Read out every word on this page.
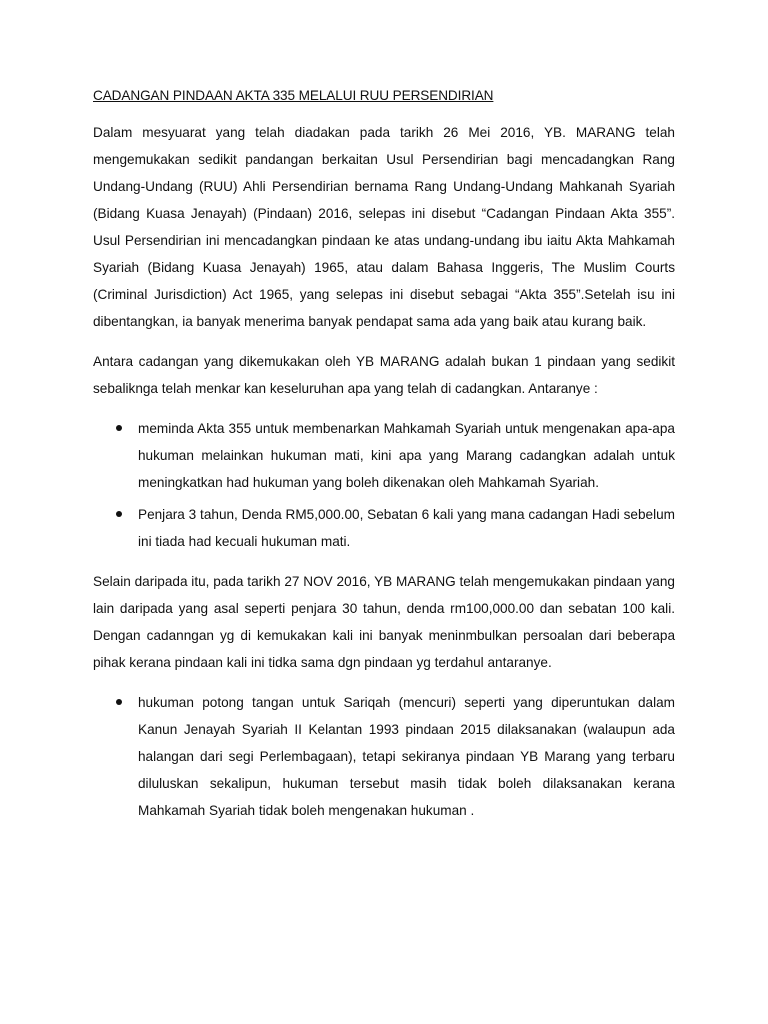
CADANGAN PINDAAN AKTA 335 MELALUI RUU PERSENDIRIAN

Dalam mesyuarat yang telah diadakan pada tarikh 26 Mei 2016, YB. MARANG telah mengemukakan sedikit pandangan berkaitan Usul Persendirian bagi mencadangkan Rang Undang-Undang (RUU) Ahli Persendirian bernama Rang Undang-Undang Mahkanah Syariah (Bidang Kuasa Jenayah) (Pindaan) 2016, selepas ini disebut “Cadangan Pindaan Akta 355”. Usul Persendirian ini mencadangkan pindaan ke atas undang-undang ibu iaitu Akta Mahkamah Syariah (Bidang Kuasa Jenayah) 1965, atau dalam Bahasa Inggeris, The Muslim Courts (Criminal Jurisdiction) Act 1965, yang selepas ini disebut sebagai “Akta 355”.Setelah isu ini dibentangkan, ia banyak menerima banyak pendapat sama ada yang baik atau kurang baik.

Antara cadangan yang dikemukakan oleh YB MARANG adalah bukan 1 pindaan yang sedikit sebalikngа telah menkar kan keseluruhan apa yang telah di cadangkan. Antaranye :

meminda Akta 355 untuk membenarkan Mahkamah Syariah untuk mengenakan apa-apa hukuman melainkan hukuman mati, kini apa yang Marang cadangkan adalah untuk meningkatkan had hukuman yang boleh dikenakan oleh Mahkamah Syariah.
Penjara 3 tahun, Denda RM5,000.00, Sebatan 6 kali yang mana cadangan Hadi sebelum ini tiada had kecuali hukuman mati.

Selain daripada itu, pada tarikh 27 NOV 2016, YB MARANG telah mengemukakan pindaan yang lain daripada yang asal seperti penjara 30 tahun, denda rm100,000.00 dan sebatan 100 kali. Dengan cadanngan yg di kemukakan kali ini banyak meninmbulkan persoalan dari beberapa pihak kerana pindaan kali ini tidka sama dgn pindaan yg terdahul antaranye.

hukuman potong tangan untuk Sariqah (mencuri) seperti yang diperuntukan dalam Kanun Jenayah Syariah II Kelantan 1993 pindaan 2015 dilaksanakan (walaupun ada halangan dari segi Perlembagaan), tetapi sekiranya pindaan YB Marang yang terbaru diluluskan sekalipun, hukuman tersebut masih tidak boleh dilaksanakan kerana Mahkamah Syariah tidak boleh mengenakan hukuman .
